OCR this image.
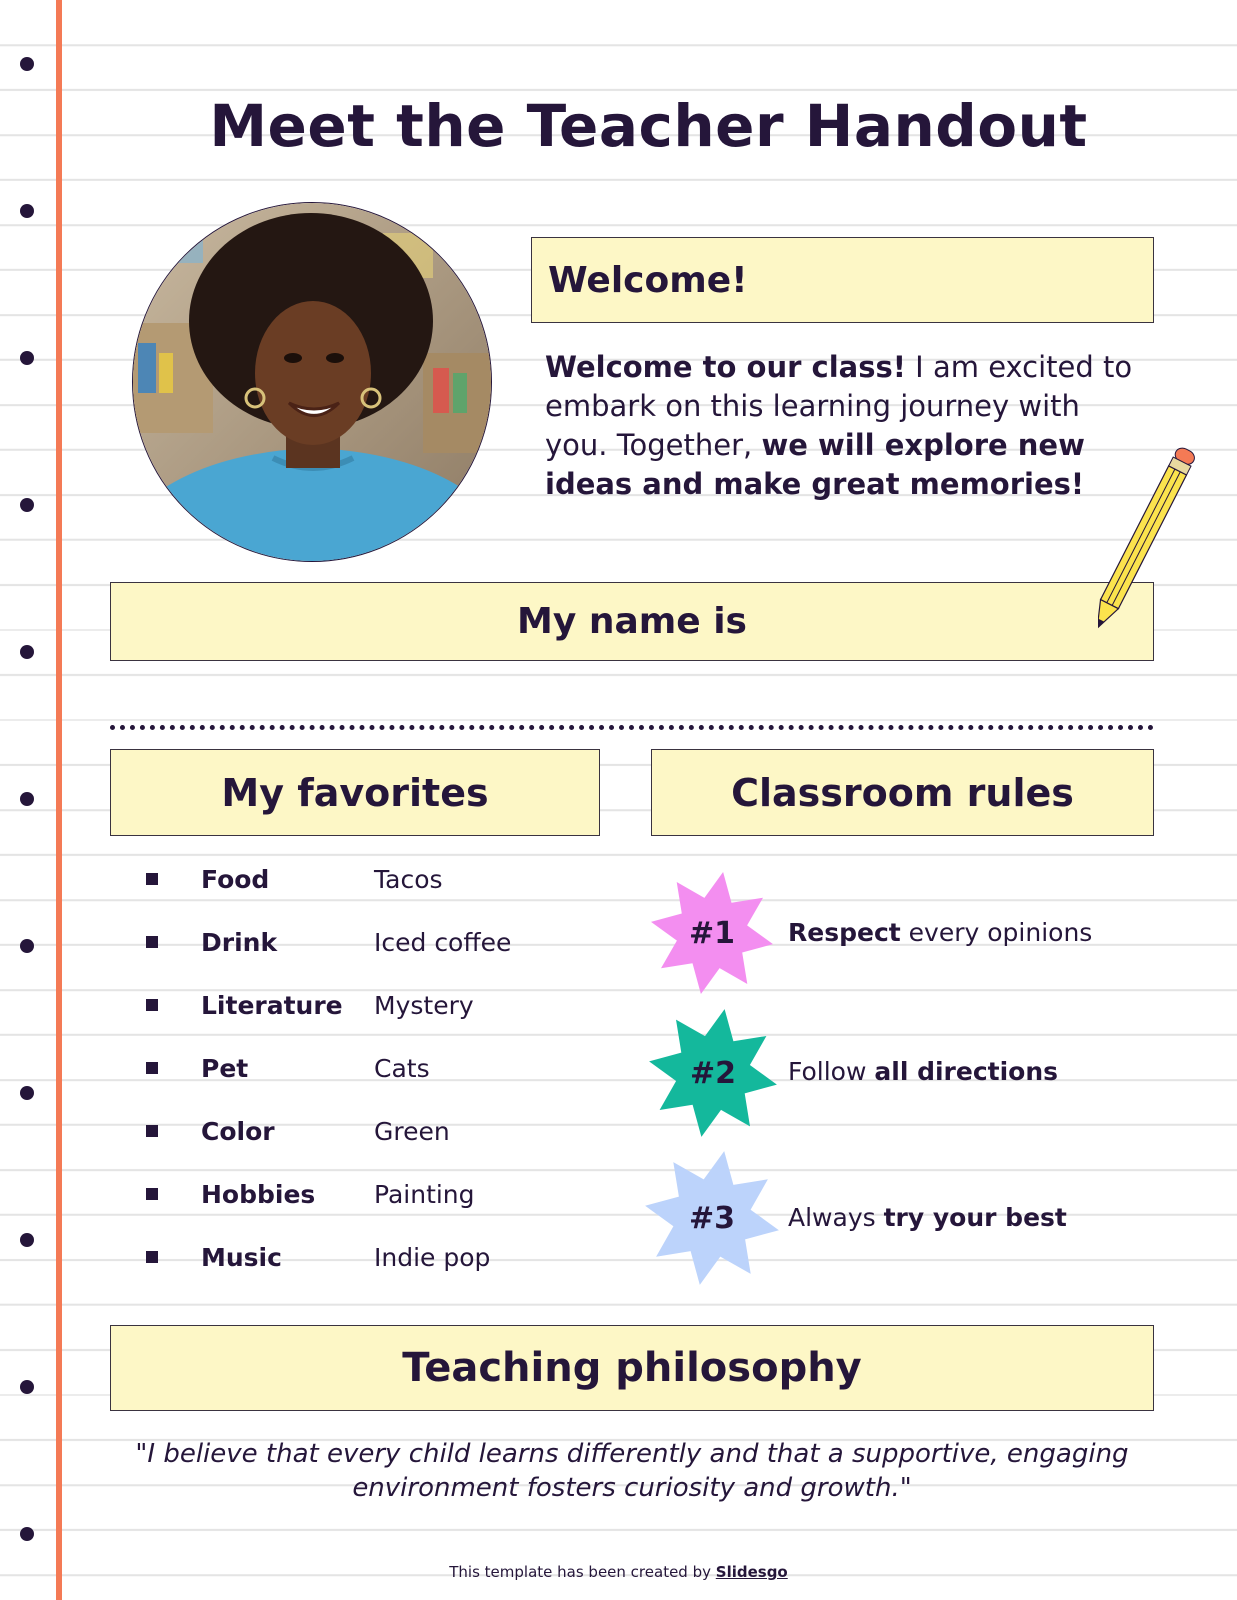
Meet the Teacher Handout
Welcome!
Welcome to our class! I am excited to embark on this learning journey with you. Together, we will explore new ideas and make great memories!
My name is
My favorites	Classroom rules
Food	Tacos
Drink	Iced coffee
Literature	Mystery
Pet	Cats
Color	Green
Hobbies	Painting
Music	Indie pop
#1
#2
#3
Respect every opinions
Follow all directions
Always try your best
Teaching philosophy
"I believe that every child learns differently and that a supportive, engaging
environment fosters curiosity and growth."
This template has been created by Slidesgo
